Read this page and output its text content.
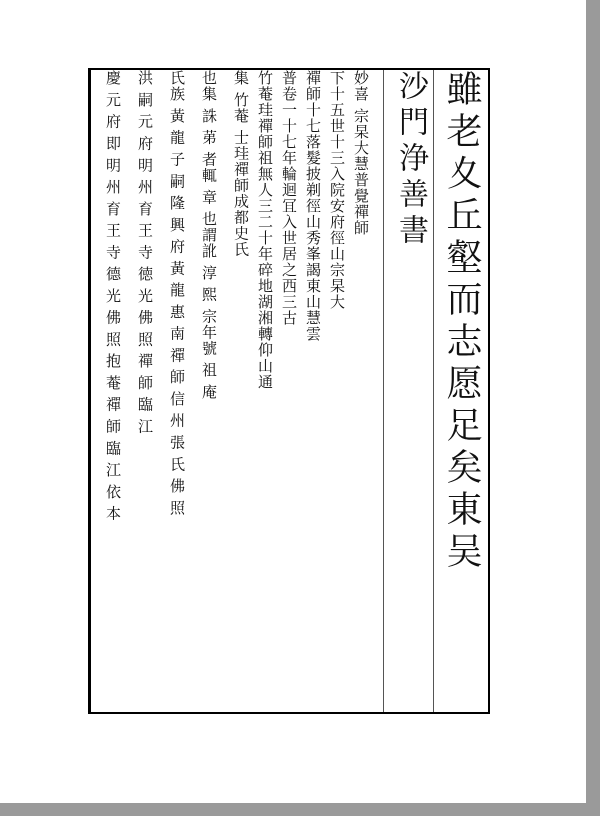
雖老夊丘壑而志愿足矣東吴
沙門浄善書
妙喜 宗杲大慧普覺禪師
下十五世十三入院安府徑山宗杲大
禪師十七落髮披剃徑山秀峯謁東山慧雲
普卷一十七年輪迴冝入世居之西三古
竹菴珪禪師祖無人三二十年碎地湖湘轉仰山通
集 竹菴 士珪禪師成都史氏
也集 誅 苐 者輒 章 也謂訛 淳 熙 宗年號 祖 庵
氏族 黃 龍 子 嗣 隆 興 府 黃 龍 惠 南 禪 師 信 州 張 氏 佛 照
洪 嗣 元 府 明 州 育 王 寺 徳 光 佛 照 禪 師 臨 江
慶 元 府 即 明 州 育 王 寺 德 光 佛 照 抱 菴 禪 師 臨 江 依 本
